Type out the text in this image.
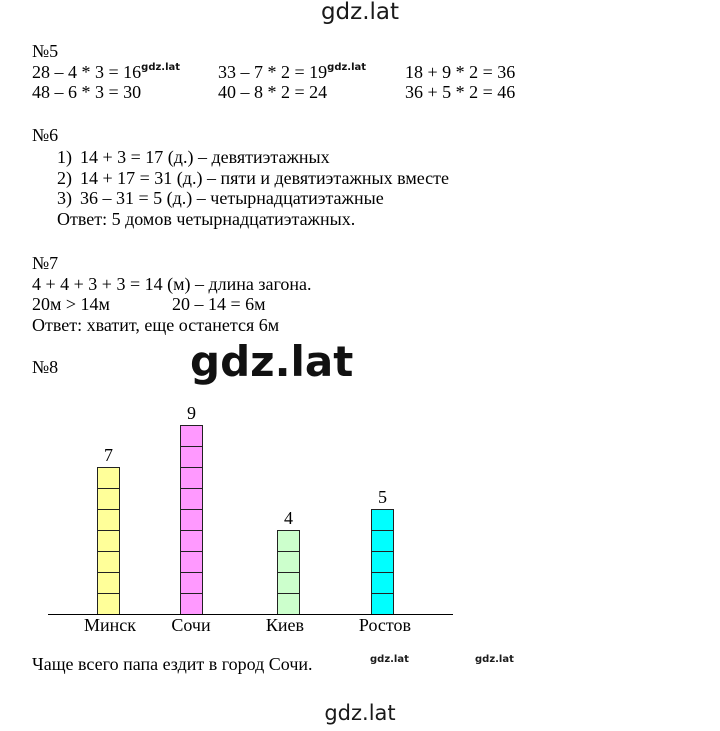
7
Минск
9
Сочи
4
Киев
5
Ростов
gdz.lat
gdz.lat
gdz.lat	gdz.lat
gdz.lat
№5
$28 - 4 * 3 = 16^{gdz.lat}$ $33 - 7 * 2 = 19^{gdz.lat}$ 18 + 9 * 2 = 36
48 – 6 * 3 = 30	40 – 8 * 2 = 24	36 + 5 * 2 = 46
№6
1) 14 + 3 = 17 (д.) – девятиэтажных
2) 14 + 17 = 31 (д.) – пяти и девятиэтажных вместе
3) 36 – 31 = 5 (д.) – четырнадцатиэтажные
Ответ: 5 домов четырнадцатиэтажных.
№7
4 + 4 + 3 + 3 = 14 (м) – длина загона.
20м > 14м	20 – 14 = 6м
Ответ: хватит, еще останется 6м
№8
Чаще всего папа ездит в город Сочи.
